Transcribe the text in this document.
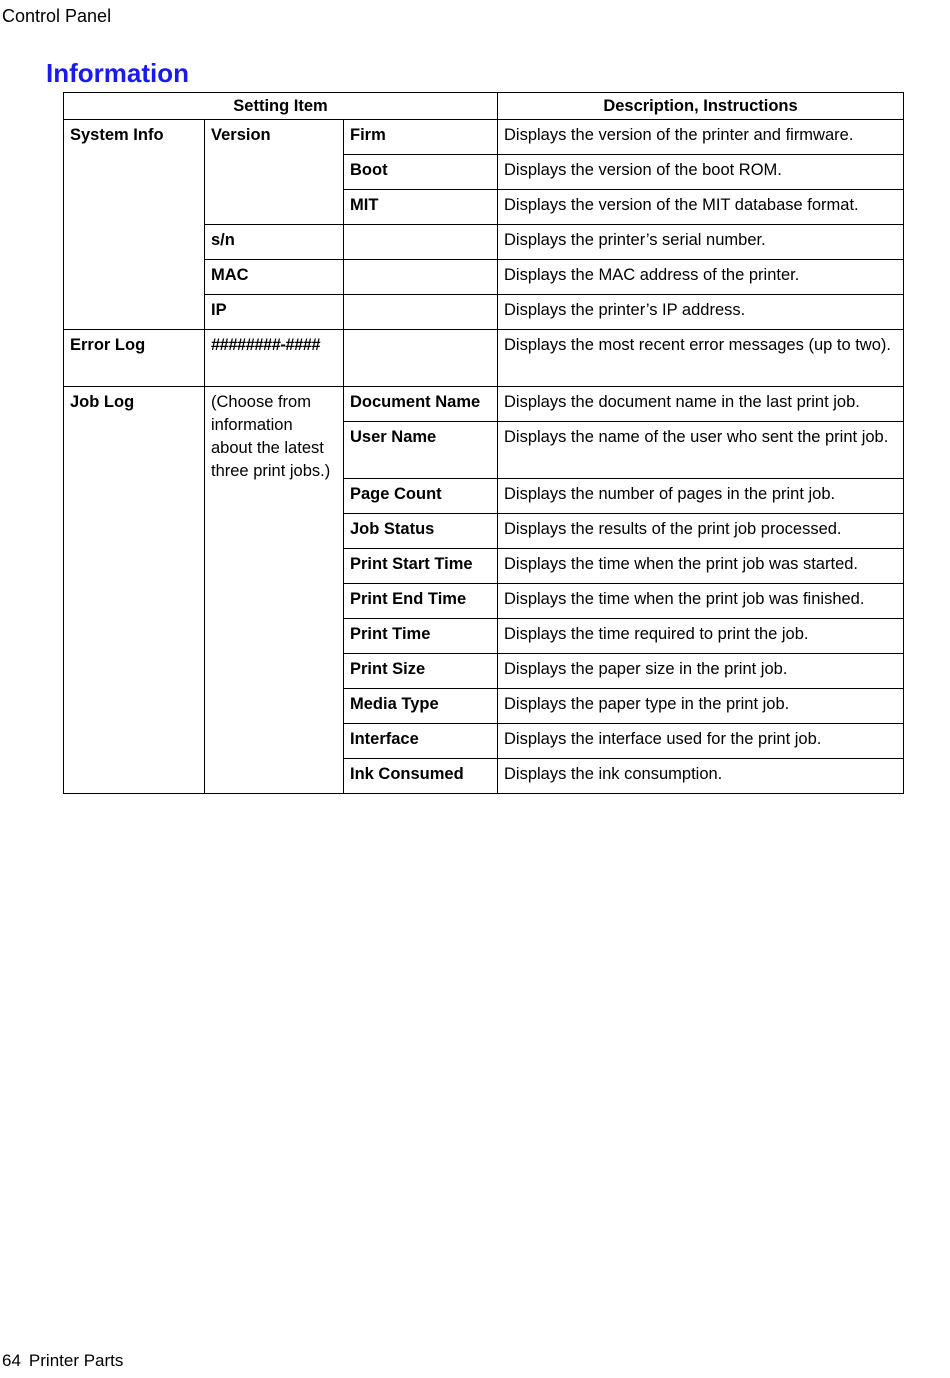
Control Panel
Information
Setting Item			Description, Instructions
System Info	Version	Firm	Displays the version of the printer and firmware.
		Boot	Displays the version of the boot ROM.
		MIT	Displays the version of the MIT database format.
	s/n		Displays the printer’s serial number.
	MAC		Displays the MAC address of the printer.
	IP		Displays the printer’s IP address.
Error Log	########-####		Displays the most recent error messages (up to two).
Job Log	(Choose from information about the latest three print jobs.)	Document Name	Displays the document name in the last print job.
		User Name	Displays the name of the user who sent the print job.
		Page Count	Displays the number of pages in the print job.
		Job Status	Displays the results of the print job processed.
		Print Start Time	Displays the time when the print job was started.
		Print End Time	Displays the time when the print job was finished.
		Print Time	Displays the time required to print the job.
		Print Size	Displays the paper size in the print job.
		Media Type	Displays the paper type in the print job.
		Interface	Displays the interface used for the print job.
		Ink Consumed	Displays the ink consumption.
64 Printer Parts
